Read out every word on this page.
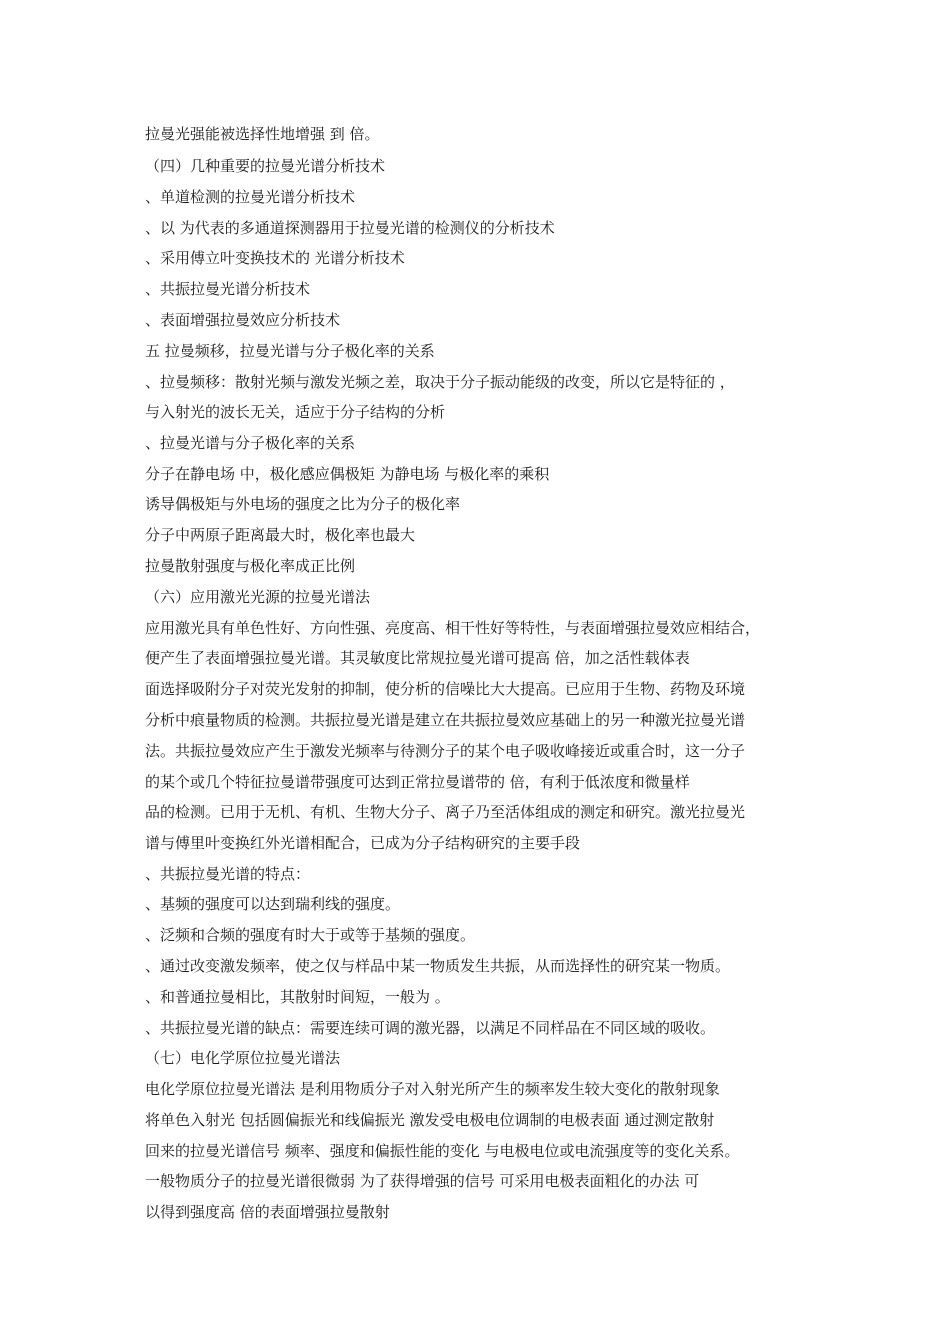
拉曼光强能被选择性地增强 到 倍。

（四）几种重要的拉曼光谱分析技术

、单道检测的拉曼光谱分析技术

、以 为代表的多通道探测器用于拉曼光谱的检测仪的分析技术

、采用傅立叶变换技术的 光谱分析技术

、共振拉曼光谱分析技术

、表面增强拉曼效应分析技术

五 拉曼频移，拉曼光谱与分子极化率的关系

、拉曼频移：散射光频与激发光频之差，取决于分子振动能级的改变，所以它是特征的 ，

与入射光的波长无关，适应于分子结构的分析

、拉曼光谱与分子极化率的关系

分子在静电场 中，极化感应偶极矩 为静电场 与极化率的乘积

诱导偶极矩与外电场的强度之比为分子的极化率

分子中两原子距离最大时，极化率也最大

拉曼散射强度与极化率成正比例

（六）应用激光光源的拉曼光谱法

应用激光具有单色性好、方向性强、亮度高、相干性好等特性，与表面增强拉曼效应相结合，

便产生了表面增强拉曼光谱。其灵敏度比常规拉曼光谱可提高 倍，加之活性载体表

面选择吸附分子对荧光发射的抑制，使分析的信噪比大大提高。已应用于生物、药物及环境

分析中痕量物质的检测。共振拉曼光谱是建立在共振拉曼效应基础上的另一种激光拉曼光谱

法。共振拉曼效应产生于激发光频率与待测分子的某个电子吸收峰接近或重合时，这一分子

的某个或几个特征拉曼谱带强度可达到正常拉曼谱带的 倍，有利于低浓度和微量样

品的检测。已用于无机、有机、生物大分子、离子乃至活体组成的测定和研究。激光拉曼光

谱与傅里叶变换红外光谱相配合，已成为分子结构研究的主要手段

、共振拉曼光谱的特点：

、基频的强度可以达到瑞利线的强度。

、泛频和合频的强度有时大于或等于基频的强度。

、通过改变激发频率，使之仅与样品中某一物质发生共振，从而选择性的研究某一物质。

、和普通拉曼相比，其散射时间短，一般为 。

、共振拉曼光谱的缺点：需要连续可调的激光器，以满足不同样品在不同区域的吸收。

（七）电化学原位拉曼光谱法

电化学原位拉曼光谱法 是利用物质分子对入射光所产生的频率发生较大变化的散射现象

将单色入射光 包括圆偏振光和线偏振光 激发受电极电位调制的电极表面 通过测定散射

回来的拉曼光谱信号 频率、强度和偏振性能的变化 与电极电位或电流强度等的变化关系。

一般物质分子的拉曼光谱很微弱 为了获得增强的信号 可采用电极表面粗化的办法 可

以得到强度高 倍的表面增强拉曼散射
